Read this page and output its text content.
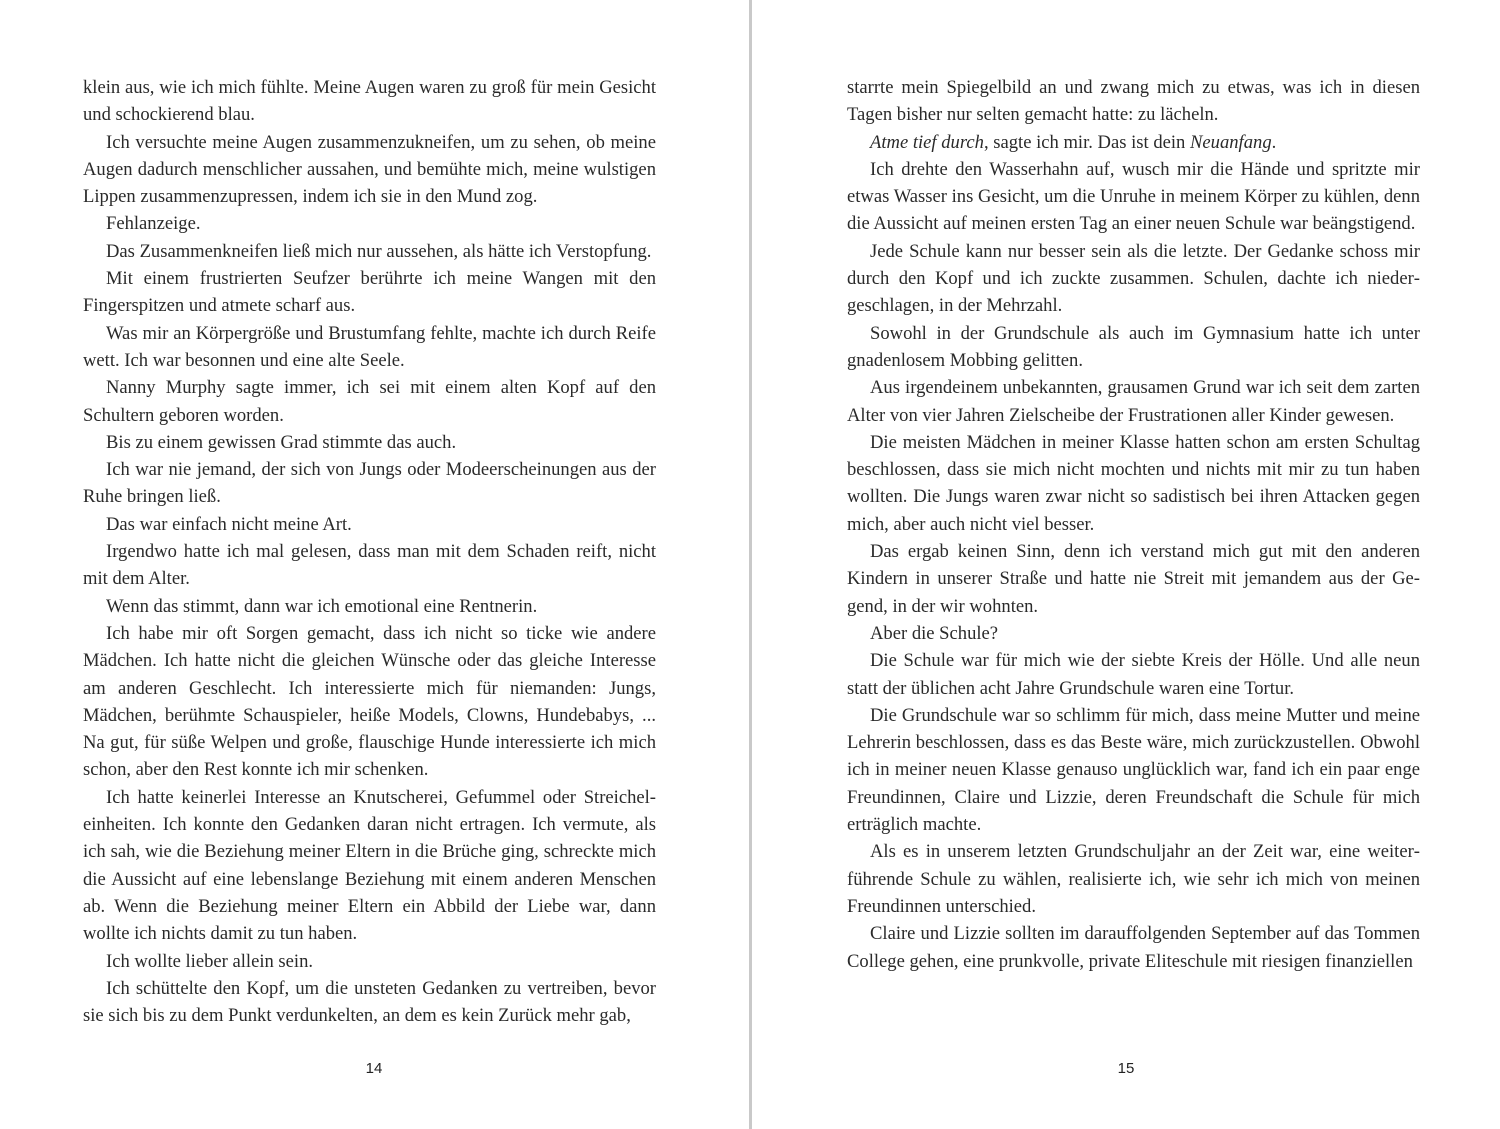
klein aus, wie ich mich fühlte. Meine Augen waren zu groß für mein Gesicht und schockierend blau.

Ich versuchte meine Augen zusammenzukneifen, um zu sehen, ob meine Augen dadurch menschlicher aussahen, und bemühte mich, meine wulstigen Lippen zusammenzupressen, indem ich sie in den Mund zog.

Fehlanzeige.

Das Zusammenkneifen ließ mich nur aussehen, als hätte ich Verstopfung.

Mit einem frustrierten Seufzer berührte ich meine Wangen mit den Fingerspitzen und atmete scharf aus.

Was mir an Körpergröße und Brustumfang fehlte, machte ich durch Reife wett. Ich war besonnen und eine alte Seele.

Nanny Murphy sagte immer, ich sei mit einem alten Kopf auf den Schultern geboren worden.

Bis zu einem gewissen Grad stimmte das auch.

Ich war nie jemand, der sich von Jungs oder Modeerscheinungen aus der Ruhe bringen ließ.

Das war einfach nicht meine Art.

Irgendwo hatte ich mal gelesen, dass man mit dem Schaden reift, nicht mit dem Alter.

Wenn das stimmt, dann war ich emotional eine Rentnerin.

Ich habe mir oft Sorgen gemacht, dass ich nicht so ticke wie andere Mädchen. Ich hatte nicht die gleichen Wünsche oder das gleiche Interesse am anderen Geschlecht. Ich interessierte mich für niemanden: Jungs, Mädchen, berühmte Schauspieler, heiße Models, Clowns, Hundebabys, ... Na gut, für süße Welpen und große, flauschige Hunde interessierte ich mich schon, aber den Rest konnte ich mir schenken.

Ich hatte keinerlei Interesse an Knutscherei, Gefummel oder Streicheleinheiten. Ich konnte den Gedanken daran nicht ertragen. Ich vermute, als ich sah, wie die Beziehung meiner Eltern in die Brüche ging, schreckte mich die Aussicht auf eine lebenslange Beziehung mit einem anderen Menschen ab. Wenn die Beziehung meiner Eltern ein Abbild der Liebe war, dann wollte ich nichts damit zu tun haben.

Ich wollte lieber allein sein.

Ich schüttelte den Kopf, um die unsteten Gedanken zu vertreiben, bevor sie sich bis zu dem Punkt verdunkelten, an dem es kein Zurück mehr gab,

14

starrte mein Spiegelbild an und zwang mich zu etwas, was ich in diesen Tagen bisher nur selten gemacht hatte: zu lächeln.

Atme tief durch, sagte ich mir. Das ist dein Neuanfang.

Ich drehte den Wasserhahn auf, wusch mir die Hände und spritzte mir etwas Wasser ins Gesicht, um die Unruhe in meinem Körper zu kühlen, denn die Aussicht auf meinen ersten Tag an einer neuen Schule war beängstigend.

Jede Schule kann nur besser sein als die letzte. Der Gedanke schoss mir durch den Kopf und ich zuckte zusammen. Schulen, dachte ich niedergeschlagen, in der Mehrzahl.

Sowohl in der Grundschule als auch im Gymnasium hatte ich unter gnadenlosem Mobbing gelitten.

Aus irgendeinem unbekannten, grausamen Grund war ich seit dem zarten Alter von vier Jahren Zielscheibe der Frustrationen aller Kinder gewesen.

Die meisten Mädchen in meiner Klasse hatten schon am ersten Schultag beschlossen, dass sie mich nicht mochten und nichts mit mir zu tun haben wollten. Die Jungs waren zwar nicht so sadistisch bei ihren Attacken gegen mich, aber auch nicht viel besser.

Das ergab keinen Sinn, denn ich verstand mich gut mit den anderen Kindern in unserer Straße und hatte nie Streit mit jemandem aus der Gegend, in der wir wohnten.

Aber die Schule?

Die Schule war für mich wie der siebte Kreis der Hölle. Und alle neun statt der üblichen acht Jahre Grundschule waren eine Tortur.

Die Grundschule war so schlimm für mich, dass meine Mutter und meine Lehrerin beschlossen, dass es das Beste wäre, mich zurückzustellen. Obwohl ich in meiner neuen Klasse genauso unglücklich war, fand ich ein paar enge Freundinnen, Claire und Lizzie, deren Freundschaft die Schule für mich erträglich machte.

Als es in unserem letzten Grundschuljahr an der Zeit war, eine weiterführende Schule zu wählen, realisierte ich, wie sehr ich mich von meinen Freundinnen unterschied.

Claire und Lizzie sollten im darauffolgenden September auf das Tommen College gehen, eine prunkvolle, private Eliteschule mit riesigen finanziellen

15
